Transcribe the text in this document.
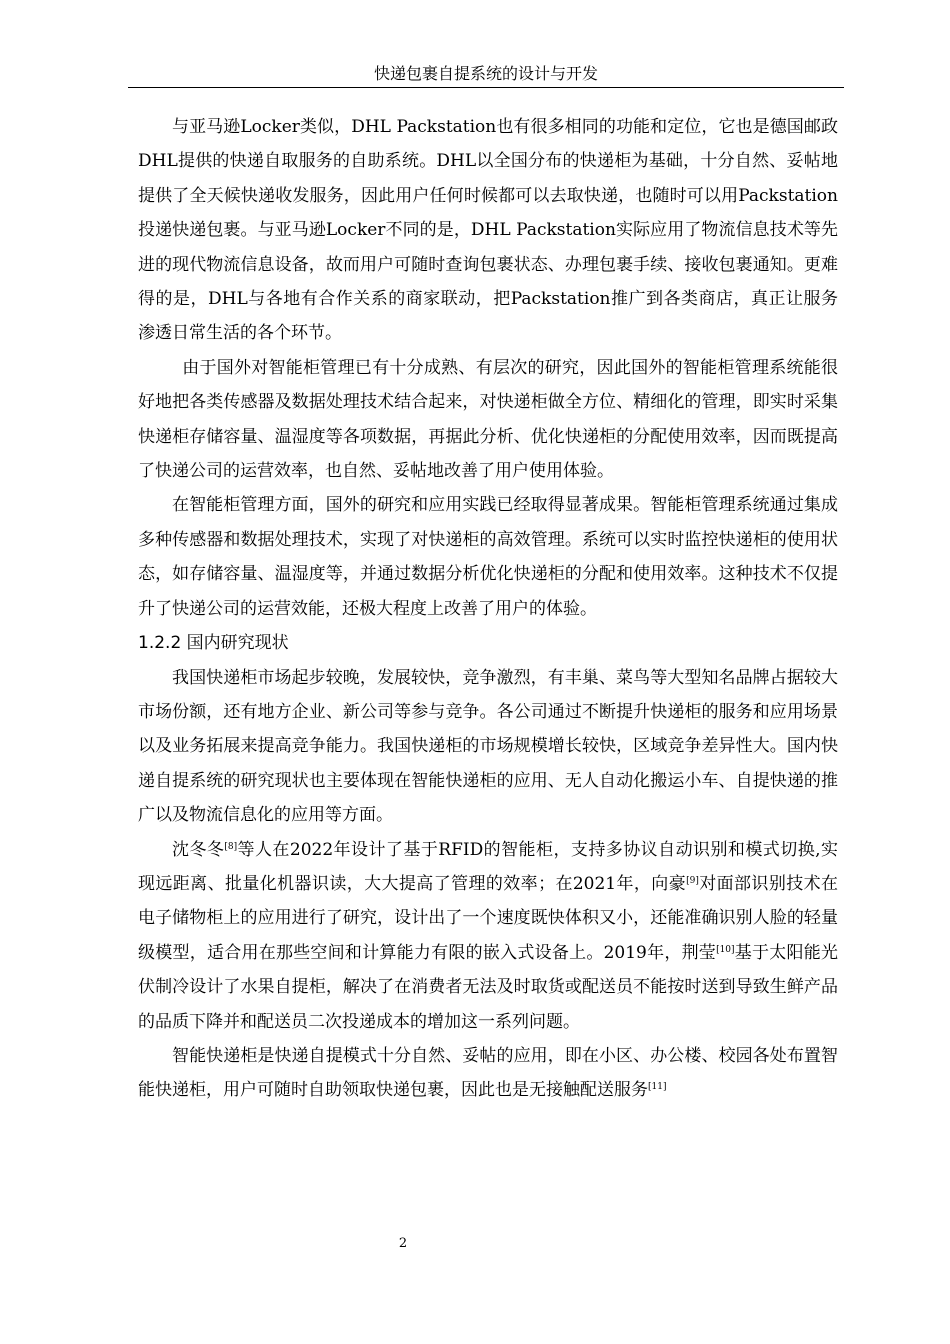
快递包裹自提系统的设计与开发

与亚马逊Locker类似，DHL Packstation也有很多相同的功能和定位，它也是德国邮政DHL提供的快递自取服务的自助系统。DHL以全国分布的快递柜为基础，十分自然、妥帖地提供了全天候快递收发服务，因此用户任何时候都可以去取快递，也随时可以用Packstation投递快递包裹。与亚马逊Locker不同的是，DHL Packstation实际应用了物流信息技术等先进的现代物流信息设备，故而用户可随时查询包裹状态、办理包裹手续、接收包裹通知。更难得的是，DHL与各地有合作关系的商家联动，把Packstation推广到各类商店，真正让服务渗透日常生活的各个环节。

由于国外对智能柜管理已有十分成熟、有层次的研究，因此国外的智能柜管理系统能很好地把各类传感器及数据处理技术结合起来，对快递柜做全方位、精细化的管理，即实时采集快递柜存储容量、温湿度等各项数据，再据此分析、优化快递柜的分配使用效率，因而既提高了快递公司的运营效率，也自然、妥帖地改善了用户使用体验。

在智能柜管理方面，国外的研究和应用实践已经取得显著成果。智能柜管理系统通过集成多种传感器和数据处理技术，实现了对快递柜的高效管理。系统可以实时监控快递柜的使用状态，如存储容量、温湿度等，并通过数据分析优化快递柜的分配和使用效率。这种技术不仅提升了快递公司的运营效能，还极大程度上改善了用户的体验。

1.2.2 国内研究现状

我国快递柜市场起步较晚，发展较快，竞争激烈，有丰巢、菜鸟等大型知名品牌占据较大市场份额，还有地方企业、新公司等参与竞争。各公司通过不断提升快递柜的服务和应用场景以及业务拓展来提高竞争能力。我国快递柜的市场规模增长较快，区域竞争差异性大。国内快递自提系统的研究现状也主要体现在智能快递柜的应用、无人自动化搬运小车、自提快递的推广以及物流信息化的应用等方面。

沈冬冬[8]等人在2022年设计了基于RFID的智能柜，支持多协议自动识别和模式切换,实现远距离、批量化机器识读，大大提高了管理的效率；在2021年，向豪[9]对面部识别技术在电子储物柜上的应用进行了研究，设计出了一个速度既快体积又小，还能准确识别人脸的轻量级模型，适合用在那些空间和计算能力有限的嵌入式设备上。2019年，荆莹[10]基于太阳能光伏制冷设计了水果自提柜，解决了在消费者无法及时取货或配送员不能按时送到导致生鲜产品的品质下降并和配送员二次投递成本的增加这一系列问题。

智能快递柜是快递自提模式十分自然、妥帖的应用，即在小区、办公楼、校园各处布置智能快递柜，用户可随时自助领取快递包裹，因此也是无接触配送服务[11]

2
